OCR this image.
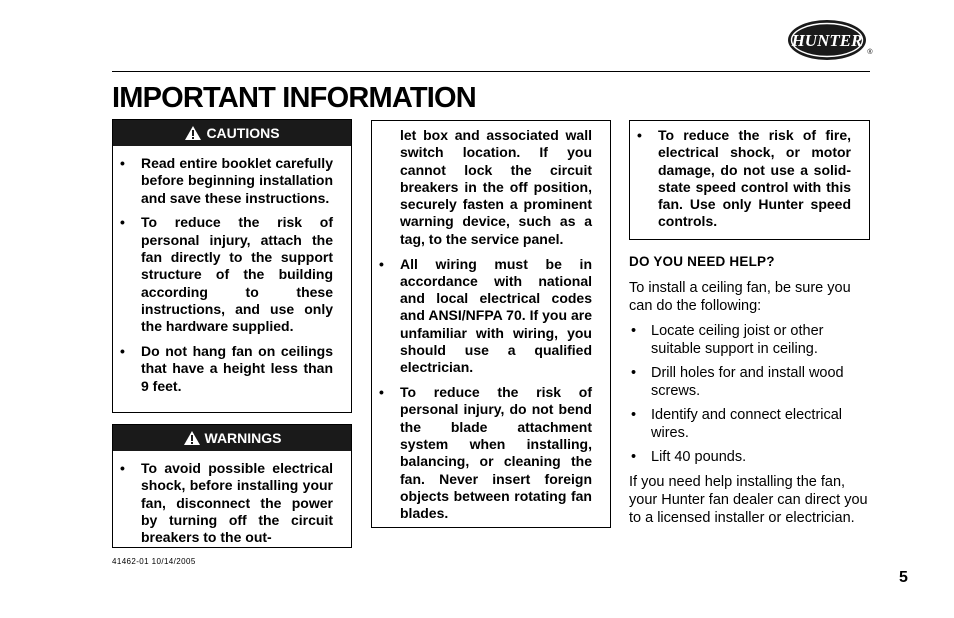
HUNTER
®
IMPORTANT INFORMATION
CAUTIONS
• Read entire booklet carefully before beginning installation and save these instructions.
• To reduce the risk of personal injury, attach the fan directly to the support structure of the building according to these instructions, and use only the hardware supplied.
• Do not hang fan on ceilings that have a height less than 9 feet.
WARNINGS
• To avoid possible electrical shock, before installing your fan, disconnect the power by turning off the circuit breakers to the out-
let box and associated wall switch location. If you cannot lock the circuit breakers in the off position, securely fasten a prominent warning device, such as a tag, to the service panel.
• All wiring must be in accordance with national and local electrical codes and ANSI/NFPA 70. If you are unfamiliar with wiring, you should use a qualified electrician.
• To reduce the risk of personal injury, do not bend the blade attachment system when installing, balancing, or cleaning the fan. Never insert foreign objects between rotating fan blades.
• To reduce the risk of fire, electrical shock, or motor damage, do not use a solid-state speed control with this fan. Use only Hunter speed controls.
DO YOU NEED HELP?

To install a ceiling fan, be sure you can do the following:

• Locate ceiling joist or other suitable support in ceiling.
• Drill holes for and install wood screws.
• Identify and connect electrical wires.
• Lift 40 pounds.

If you need help installing the fan, your Hunter fan dealer can direct you to a licensed installer or electrician.

41462-01 10/14/2005
5
